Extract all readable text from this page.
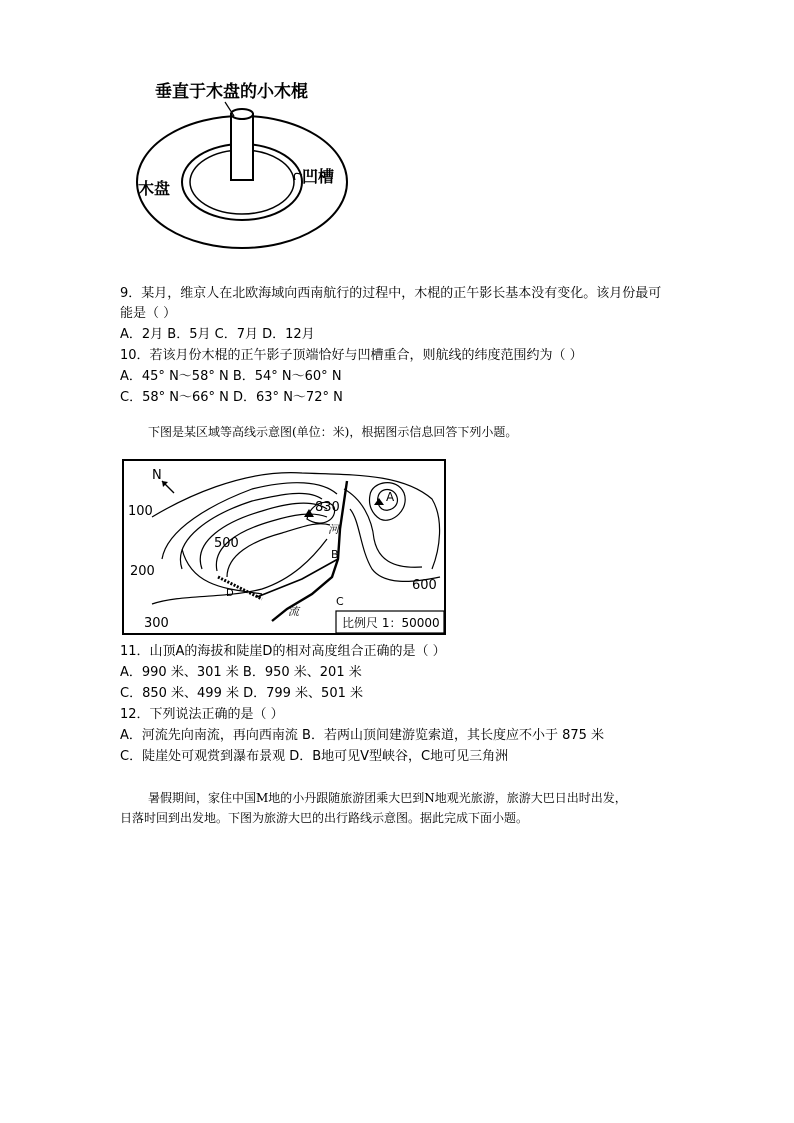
垂直于木盘的小木棍
木盘
凹槽
9．某月，维京人在北欧海域向西南航行的过程中，木棍的正午影长基本没有变化。该月份最可
能是（ ）
A．2月 B．5月 C．7月 D．12月
10．若该月份木棍的正午影子顶端恰好与凹槽重合，则航线的纬度范围约为（ ）
A．45° N～58° N B．54° N～60° N
C．58° N～66° N D．63° N～72° N
下图是某区域等高线示意图(单位：米)，根据图示信息回答下列小题。
N
100
500
200
300
600
830
A
B
C
D
河
流
比例尺 1：50000
11．山顶A的海拔和陡崖D的相对高度组合正确的是（ ）
A．990 米、301 米 B．950 米、201 米
C．850 米、499 米 D．799 米、501 米
12．下列说法正确的是（ ）
A．河流先向南流，再向西南流 B．若两山顶间建游览索道，其长度应不小于 875 米
C．陡崖处可观赏到瀑布景观 D．B地可见V型峡谷，C地可见三角洲
暑假期间，家住中国M地的小丹跟随旅游团乘大巴到N地观光旅游，旅游大巴日出时出发，
日落时回到出发地。下图为旅游大巴的出行路线示意图。据此完成下面小题。
